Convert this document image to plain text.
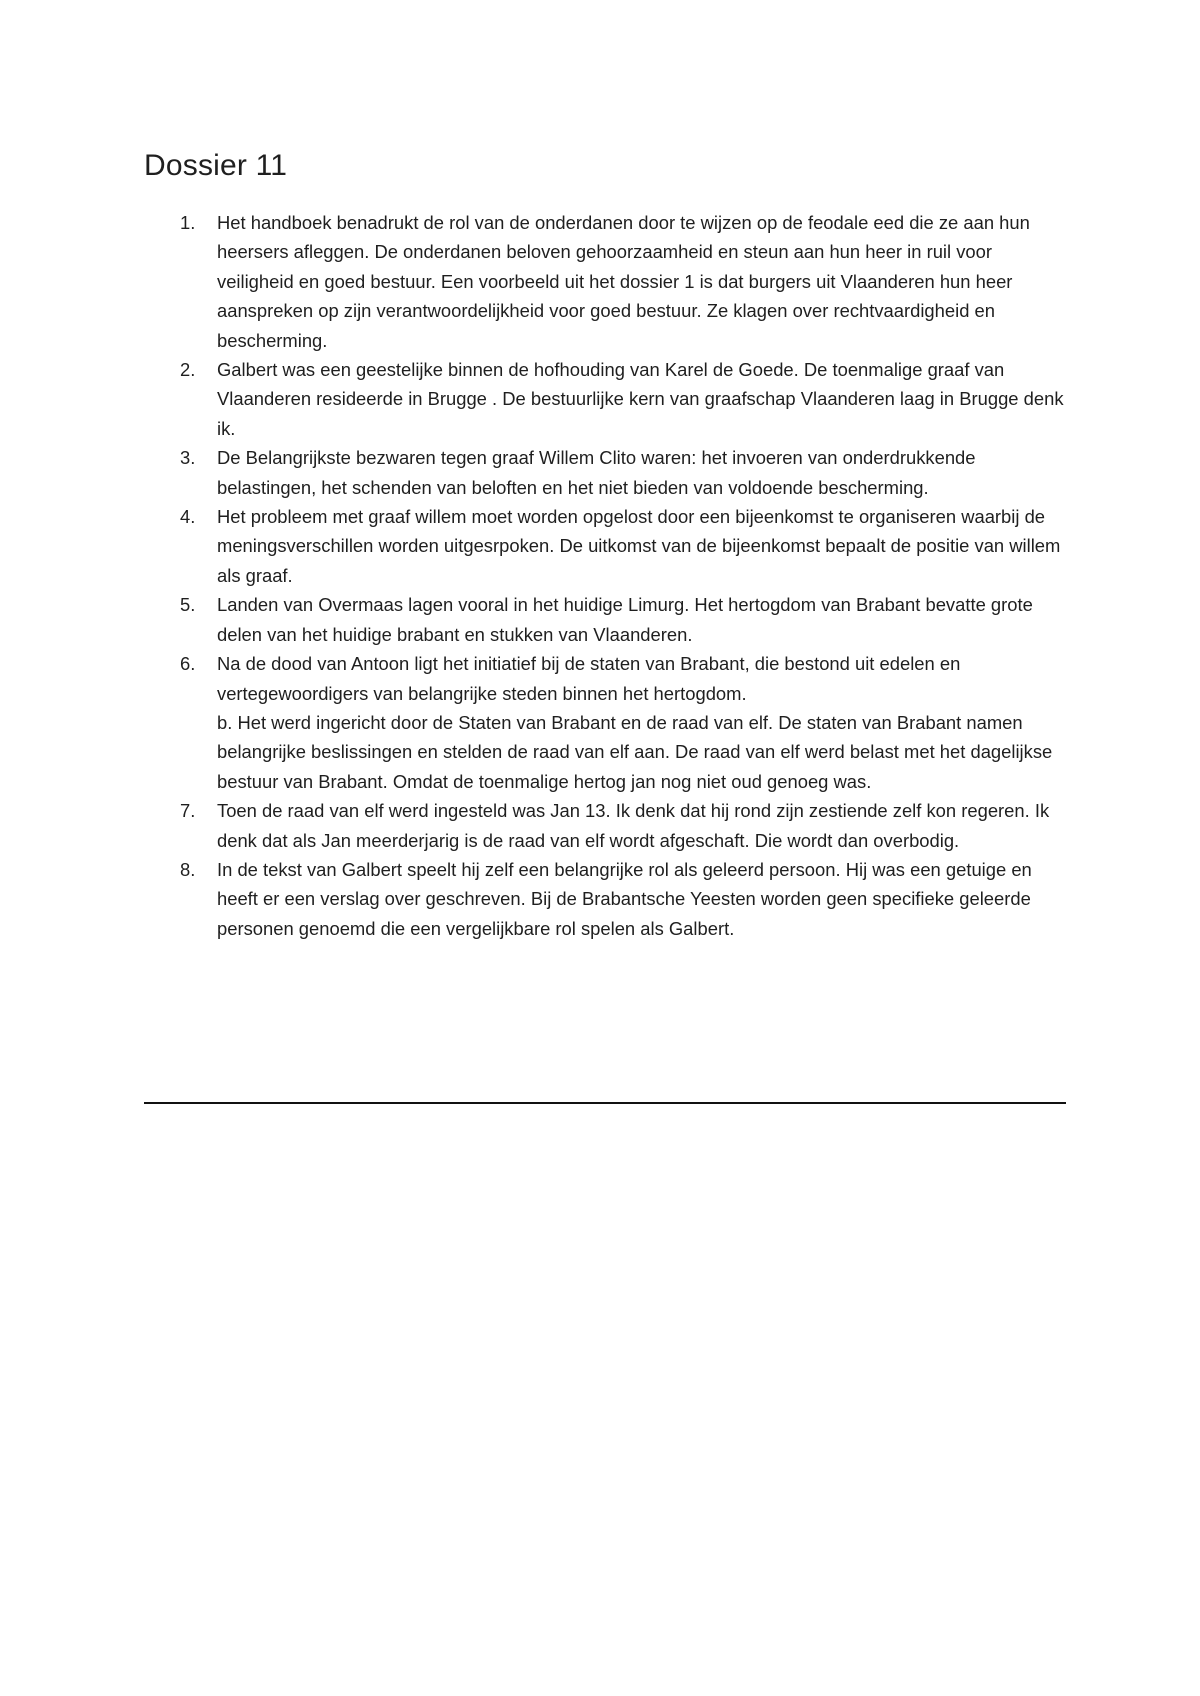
Dossier 11
1.	Het handboek benadrukt de rol van de onderdanen door te wijzen op de feodale eed die ze aan hun heersers afleggen. De onderdanen beloven gehoorzaamheid en steun aan hun heer in ruil voor veiligheid en goed bestuur. Een voorbeeld uit het dossier 1 is dat burgers uit Vlaanderen hun heer aanspreken op zijn verantwoordelijkheid voor goed bestuur. Ze klagen over rechtvaardigheid en bescherming.
2.	Galbert was een geestelijke binnen de hofhouding van Karel de Goede. De toenmalige graaf van Vlaanderen resideerde in Brugge . De bestuurlijke kern van graafschap Vlaanderen laag in Brugge denk ik.
3.	De Belangrijkste bezwaren tegen graaf Willem Clito waren: het invoeren van onderdrukkende belastingen, het schenden van beloften en het niet bieden van voldoende bescherming.
4.	Het probleem met graaf willem moet worden opgelost door een bijeenkomst te organiseren waarbij de meningsverschillen worden uitgesrpoken. De uitkomst van de bijeenkomst bepaalt de positie van willem als graaf.
5.	Landen van Overmaas lagen vooral in het huidige Limurg. Het hertogdom van Brabant bevatte grote delen van het huidige brabant en stukken van Vlaanderen.
6.	Na de dood van Antoon ligt het initiatief bij de staten van Brabant, die bestond uit edelen en vertegewoordigers van belangrijke steden binnen het hertogdom.
b. Het werd ingericht door de Staten van Brabant en de raad van elf. De staten van Brabant namen belangrijke beslissingen en stelden de raad van elf aan. De raad van elf werd belast met het dagelijkse bestuur van Brabant. Omdat de toenmalige hertog jan nog niet oud genoeg was.
7.	Toen de raad van elf werd ingesteld was Jan 13. Ik denk dat hij rond zijn zestiende zelf kon regeren. Ik denk dat als Jan meerderjarig is de raad van elf wordt afgeschaft. Die wordt dan overbodig.
8.	In de tekst van Galbert speelt hij zelf een belangrijke rol als geleerd persoon. Hij was een getuige en heeft er een verslag over geschreven. Bij de Brabantsche Yeesten worden geen specifieke geleerde personen genoemd die een vergelijkbare rol spelen als Galbert.
